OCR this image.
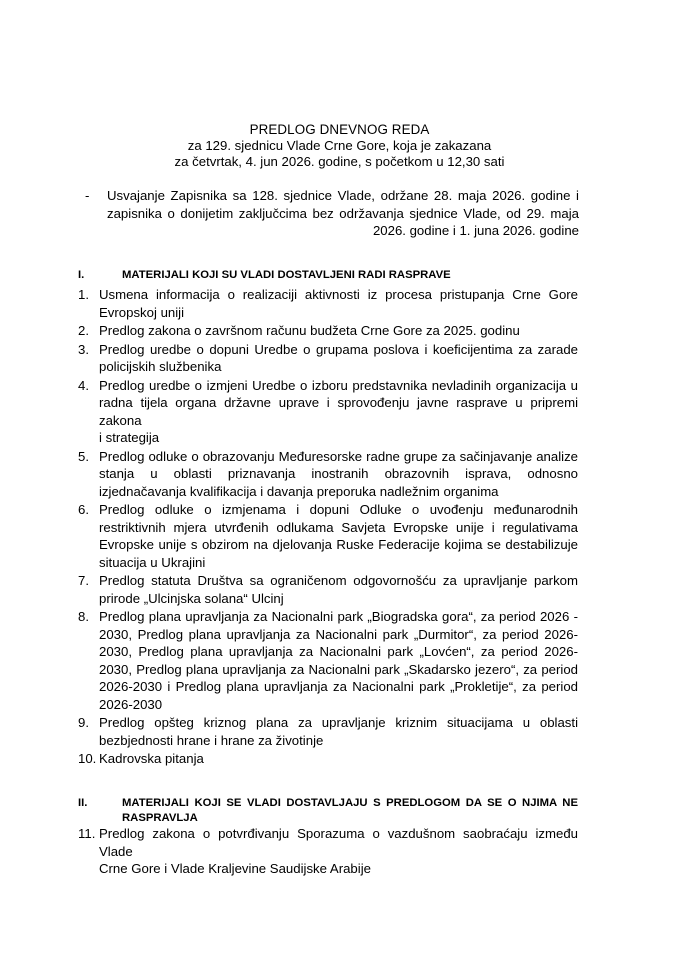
PREDLOG DNEVNOG REDA
za 129. sjednicu Vlade Crne Gore, koja je zakazana
za četvrtak, 4. jun 2026. godine, s početkom u 12,30 sati
- Usvajanje Zapisnika sa 128. sjednice Vlade, održane 28. maja 2026. godine i
zapisnika o donijetim zaključcima bez održavanja sjednice Vlade, od 29. maja
2026. godine i 1. juna 2026. godine
I.	MATERIJALI KOJI SU VLADI DOSTAVLJENI RADI RASPRAVE
1. Usmena informacija o realizaciji aktivnosti iz procesa pristupanja Crne Gore
Evropskoj uniji
2. Predlog zakona o završnom računu budžeta Crne Gore za 2025. godinu
3. Predlog uredbe o dopuni Uredbe o grupama poslova i koeficijentima za zarade
policijskih službenika
4. Predlog uredbe o izmjeni Uredbe o izboru predstavnika nevladinih organizacija u
radna tijela organa državne uprave i sprovođenju javne rasprave u pripremi zakona
i strategija
5. Predlog odluke o obrazovanju Međuresorske radne grupe za sačinjavanje analize
stanja u oblasti priznavanja inostranih obrazovnih isprava, odnosno
izjednačavanja kvalifikacija i davanja preporuka nadležnim organima
6. Predlog odluke o izmjenama i dopuni Odluke o uvođenju međunarodnih
restriktivnih mjera utvrđenih odlukama Savjeta Evropske unije i regulativama
Evropske unije s obzirom na djelovanja Ruske Federacije kojima se destabilizuje
situacija u Ukrajini
7. Predlog statuta Društva sa ograničenom odgovornošću za upravljanje parkom
prirode „Ulcinjska solana“ Ulcinj
8. Predlog plana upravljanja za Nacionalni park „Biogradska gora“, za period 2026 -
2030, Predlog plana upravljanja za Nacionalni park „Durmitor“, za period 2026-
2030, Predlog plana upravljanja za Nacionalni park „Lovćen“, za period 2026-
2030, Predlog plana upravljanja za Nacionalni park „Skadarsko jezero“, za period
2026-2030 i Predlog plana upravljanja za Nacionalni park „Prokletije“, za period
2026-2030
9. Predlog opšteg kriznog plana za upravljanje kriznim situacijama u oblasti
bezbjednosti hrane i hrane za životinje
10. Kadrovska pitanja
II.	MATERIJALI KOJI SE VLADI DOSTAVLJAJU S PREDLOGOM DA SE O NJIMA NE
RASPRAVLJA
11. Predlog zakona o potvrđivanju Sporazuma o vazdušnom saobraćaju između Vlade
Crne Gore i Vlade Kraljevine Saudijske Arabije
